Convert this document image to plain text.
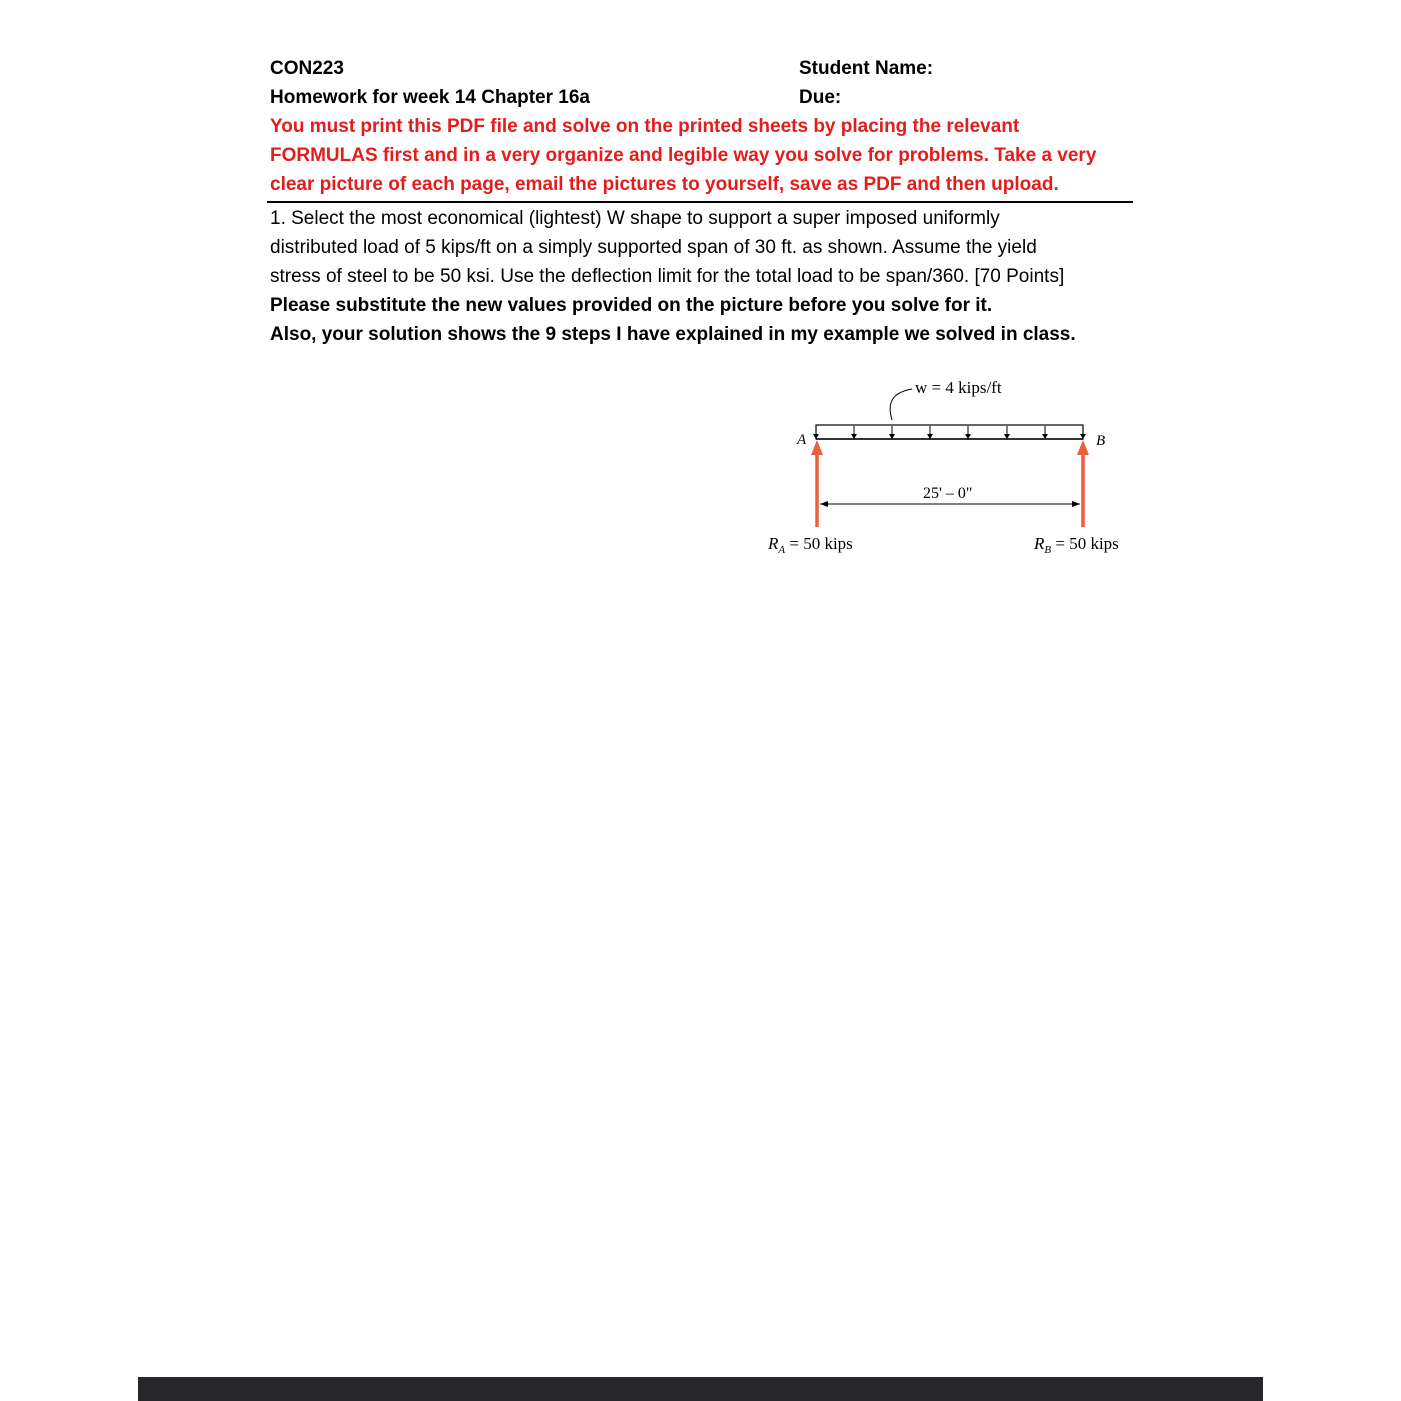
CON223	Student Name:
Homework for week 14 Chapter 16a	Due:
You must print this PDF file and solve on the printed sheets by placing the relevant
FORMULAS first and in a very organize and legible way you solve for problems. Take a very
clear picture of each page, email the pictures to yourself, save as PDF and then upload.
1. Select the most economical (lightest) W shape to support a super imposed uniformly
distributed load of 5 kips/ft on a simply supported span of 30 ft. as shown. Assume the yield
stress of steel to be 50 ksi. Use the deflection limit for the total load to be span/360. [70 Points]
Please substitute the new values provided on the picture before you solve for it.
Also, your solution shows the 9 steps I have explained in my example we solved in class.
w = 4 kips/ft
A	B
25' – 0"
$R_A = 50$ kips	$R_B = 50$ kips
